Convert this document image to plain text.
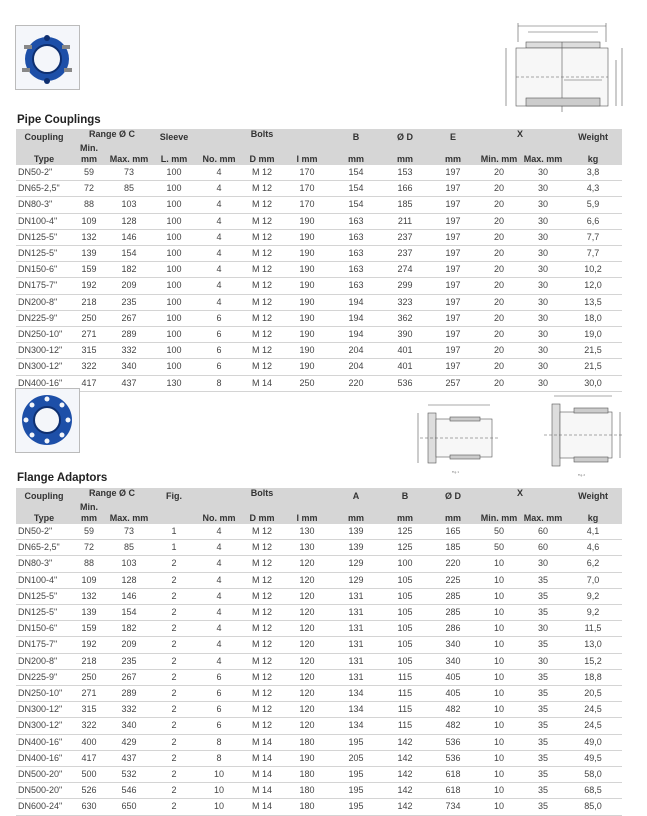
Pipe Couplings
Coupling	Range Ø C		Sleeve		Bolts		B	Ø D	E	X		Weight
Type	Min. mm	Max. mm	L. mm	No. mm	D mm	l mm	mm	mm	mm	Min. mm	Max. mm	kg
DN50-2"	59	73	100	4	M 12	170	154	153	197	20	30	3,8
DN65-2,5"	72	85	100	4	M 12	170	154	166	197	20	30	4,3
DN80-3"	88	103	100	4	M 12	170	154	185	197	20	30	5,9
DN100-4"	109	128	100	4	M 12	190	163	211	197	20	30	6,6
DN125-5"	132	146	100	4	M 12	190	163	237	197	20	30	7,7
DN125-5"	139	154	100	4	M 12	190	163	237	197	20	30	7,7
DN150-6"	159	182	100	4	M 12	190	163	274	197	20	30	10,2
DN175-7"	192	209	100	4	M 12	190	163	299	197	20	30	12,0
DN200-8"	218	235	100	4	M 12	190	194	323	197	20	30	13,5
DN225-9"	250	267	100	6	M 12	190	194	362	197	20	30	18,0
DN250-10"	271	289	100	6	M 12	190	194	390	197	20	30	19,0
DN300-12"	315	332	100	6	M 12	190	204	401	197	20	30	21,5
DN300-12"	322	340	100	6	M 12	190	204	401	197	20	30	21,5
DN400-16"	417	437	130	8	M 14	250	220	536	257	20	30	30,0
Fig.1
Fig.2
Flange Adaptors
Coupling	Range Ø C		Fig.		Bolts		A	B	Ø D	X		Weight
Type	Min. mm	Max. mm		No. mm	D mm	l mm	mm	mm	mm	Min. mm	Max. mm	kg
DN50-2"	59	73	1	4	M 12	130	139	125	165	50	60	4,1
DN65-2,5"	72	85	1	4	M 12	130	139	125	185	50	60	4,6
DN80-3"	88	103	2	4	M 12	120	129	100	220	10	30	6,2
DN100-4"	109	128	2	4	M 12	120	129	105	225	10	35	7,0
DN125-5"	132	146	2	4	M 12	120	131	105	285	10	35	9,2
DN125-5"	139	154	2	4	M 12	120	131	105	285	10	35	9,2
DN150-6"	159	182	2	4	M 12	120	131	105	286	10	30	11,5
DN175-7"	192	209	2	4	M 12	120	131	105	340	10	35	13,0
DN200-8"	218	235	2	4	M 12	120	131	105	340	10	30	15,2
DN225-9"	250	267	2	6	M 12	120	131	115	405	10	35	18,8
DN250-10"	271	289	2	6	M 12	120	134	115	405	10	35	20,5
DN300-12"	315	332	2	6	M 12	120	134	115	482	10	35	24,5
DN300-12"	322	340	2	6	M 12	120	134	115	482	10	35	24,5
DN400-16"	400	429	2	8	M 14	180	195	142	536	10	35	49,0
DN400-16"	417	437	2	8	M 14	190	205	142	536	10	35	49,5
DN500-20"	500	532	2	10	M 14	180	195	142	618	10	35	58,0
DN500-20"	526	546	2	10	M 14	180	195	142	618	10	35	68,5
DN600-24"	630	650	2	10	M 14	180	195	142	734	10	35	85,0
